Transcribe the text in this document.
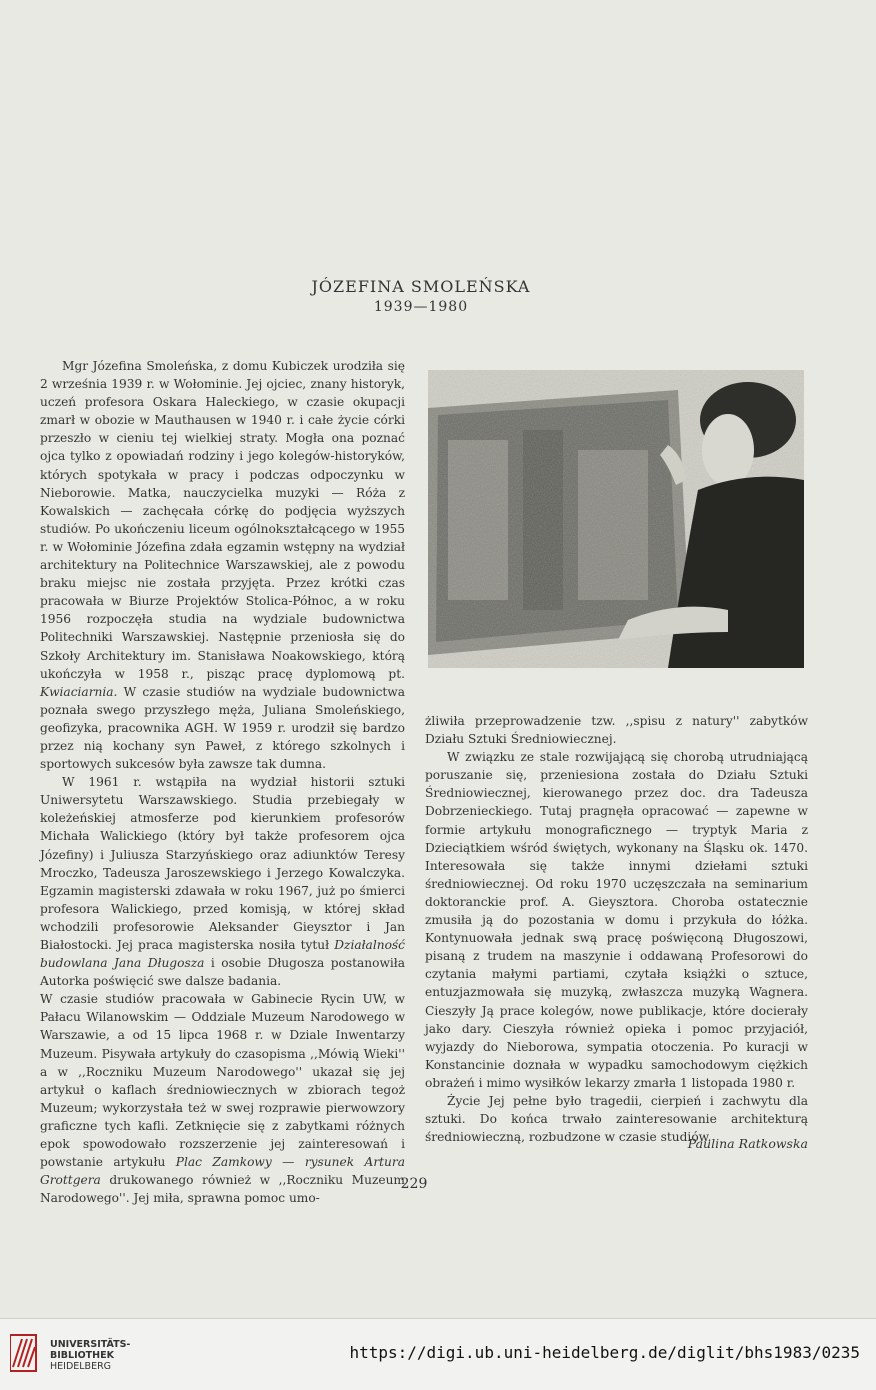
JÓZEFINA SMOLEŃSKA
1939—1980

Mgr Józefina Smoleńska, z domu Kubiczek urodziła się 2 września 1939 r. w Wołominie. Jej ojciec, znany historyk, uczeń profesora Oskara Haleckiego, w czasie okupacji zmarł w obozie w Mauthausen w 1940 r. i całe życie córki przeszło w cieniu tej wielkiej straty. Mogła ona poznać ojca tylko z opowiadań rodziny i jego kolegów-historyków, których spotykała w pracy i podczas odpoczynku w Nieborowie. Matka, nauczycielka muzyki — Róża z Kowalskich — zachęcała córkę do podjęcia wyższych studiów. Po ukończeniu liceum ogólnokształcącego w 1955 r. w Wołominie Józefina zdała egzamin wstępny na wydział architektury na Politechnice Warszawskiej, ale z powodu braku miejsc nie została przyjęta. Przez krótki czas pracowała w Biurze Projektów Stolica-Północ, a w roku 1956 rozpoczęła studia na wydziale budownictwa Politechniki Warszawskiej. Następnie przeniosła się do Szkoły Architektury im. Stanisława Noakowskiego, którą ukończyła w 1958 r., pisząc pracę dyplomową pt. Kwiaciarnia. W czasie studiów na wydziale budownictwa poznała swego przyszłego męża, Juliana Smoleńskiego, geofizyka, pracownika AGH. W 1959 r. urodził się bardzo przez nią kochany syn Paweł, z którego szkolnych i sportowych sukcesów była zawsze tak dumna.

W 1961 r. wstąpiła na wydział historii sztuki Uniwersytetu Warszawskiego. Studia przebiegały w koleżeńskiej atmosferze pod kierunkiem profesorów Michała Walickiego (który był także profesorem ojca Józefiny) i Juliusza Starzyńskiego oraz adiunktów Teresy Mroczko, Tadeusza Jaroszewskiego i Jerzego Kowalczyka. Egzamin magisterski zdawała w roku 1967, już po śmierci profesora Walickiego, przed komisją, w której skład wchodzili profesorowie Aleksander Gieysztor i Jan Białostocki. Jej praca magisterska nosiła tytuł Działalność budowlana Jana Długosza i osobie Długosza postanowiła Autorka poświęcić swe dalsze badania.

W czasie studiów pracowała w Gabinecie Rycin UW, w Pałacu Wilanowskim — Oddziale Muzeum Narodowego w Warszawie, a od 15 lipca 1968 r. w Dziale Inwentarzy Muzeum. Pisywała artykuły do czasopisma ,,Mówią Wieki'' a w ,,Roczniku Muzeum Narodowego'' ukazał się jej artykuł o kaflach średniowiecznych w zbiorach tegoż Muzeum; wykorzystała też w swej rozprawie pierwowzory graficzne tych kafli. Zetknięcie się z zabytkami różnych epok spowodowało rozszerzenie jej zainteresowań i powstanie artykułu Plac Zamkowy — rysunek Artura Grottgera drukowanego również w ,,Roczniku Muzeum Narodowego''. Jej miła, sprawna pomoc umo-

żliwiła przeprowadzenie tzw. ,,spisu z natury'' zabytków Działu Sztuki Średniowiecznej.

W związku ze stale rozwijającą się chorobą utrudniającą poruszanie się, przeniesiona została do Działu Sztuki Średniowiecznej, kierowanego przez doc. dra Tadeusza Dobrzenieckiego. Tutaj pragnęła opracować — zapewne w formie artykułu monograficznego — tryptyk Maria z Dzieciątkiem wśród świętych, wykonany na Śląsku ok. 1470. Interesowała się także innymi dziełami sztuki średniowiecznej. Od roku 1970 uczęszczała na seminarium doktoranckie prof. A. Gieysztora. Choroba ostatecznie zmusiła ją do pozostania w domu i przykuła do łóżka. Kontynuowała jednak swą pracę poświęconą Długoszowi, pisaną z trudem na maszynie i oddawaną Profesorowi do czytania małymi partiami, czytała książki o sztuce, entuzjazmowała się muzyką, zwłaszcza muzyką Wagnera. Cieszyły Ją prace kolegów, nowe publikacje, które docierały jako dary. Cieszyła również opieka i pomoc przyjaciół, wyjazdy do Nieborowa, sympatia otoczenia. Po kuracji w Konstancinie doznała w wypadku samochodowym ciężkich obrażeń i mimo wysiłków lekarzy zmarła 1 listopada 1980 r.

Życie Jej pełne było tragedii, cierpień i zachwytu dla sztuki. Do końca trwało zainteresowanie architekturą średniowieczną, rozbudzone w czasie studiów.

Paulina Ratkowska
229
UNIVERSITÄTS-
BIBLIOTHEK
HEIDELBERG
https://digi.ub.uni-heidelberg.de/diglit/bhs1983/0235
